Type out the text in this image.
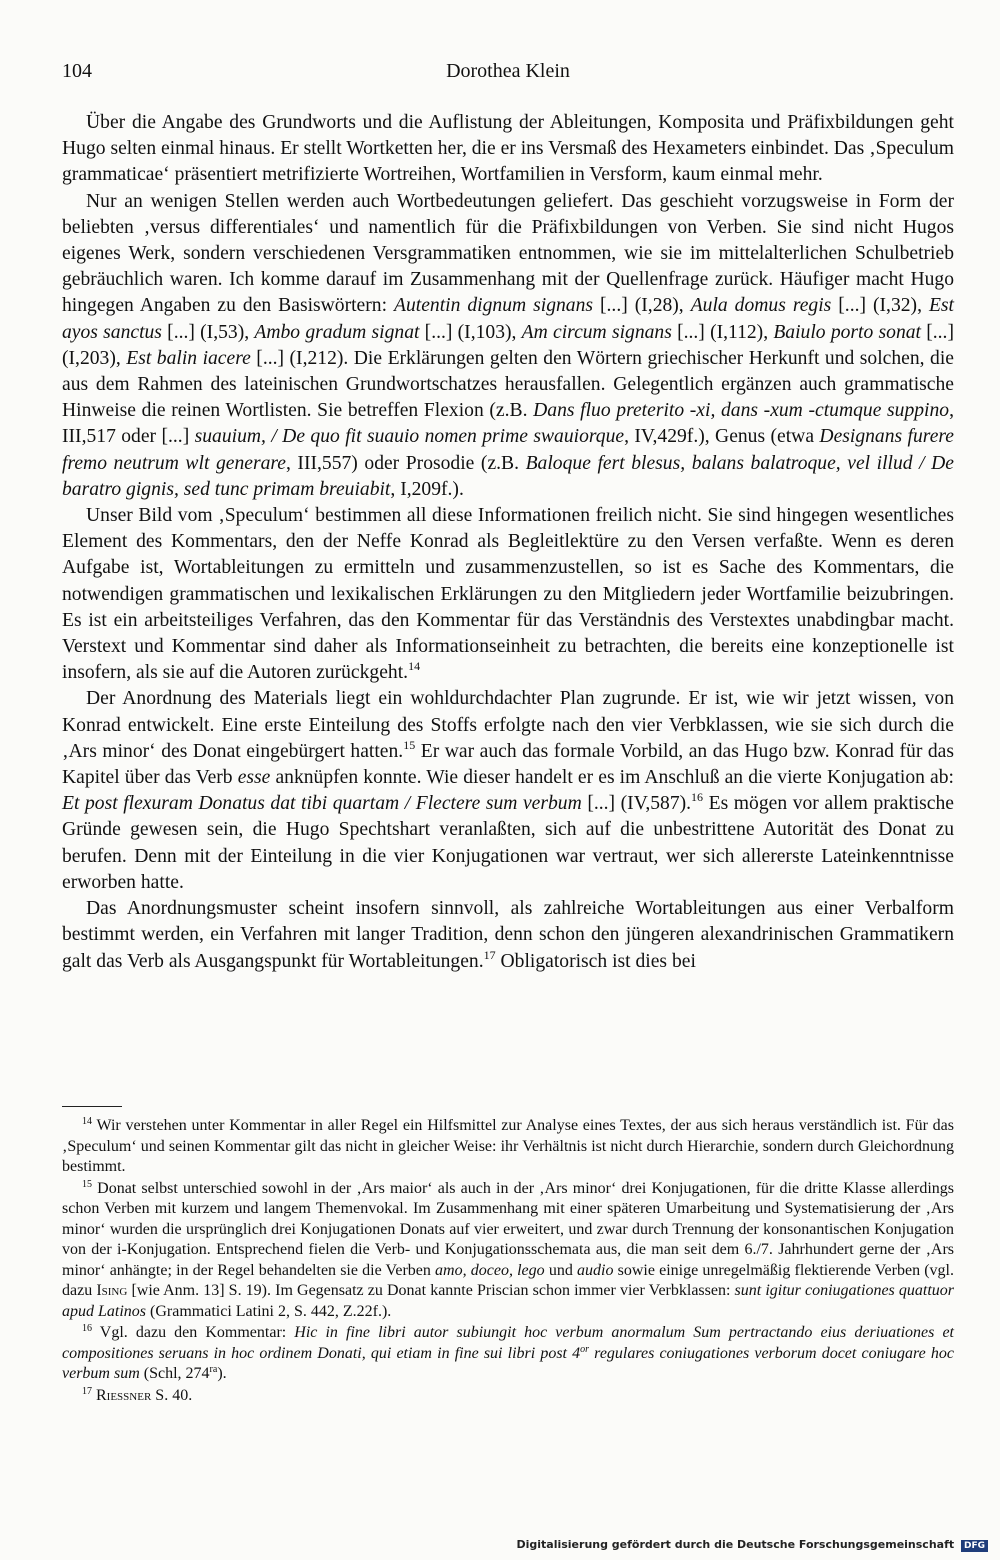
104	Dorothea Klein

Über die Angabe des Grundworts und die Auflistung der Ableitungen, Komposita und Präfixbildungen geht Hugo selten einmal hinaus. Er stellt Wortketten her, die er ins Versmaß des Hexameters einbindet. Das ‚Speculum grammaticae‘ präsentiert metrifizierte Wortreihen, Wortfamilien in Versform, kaum einmal mehr.

Nur an wenigen Stellen werden auch Wortbedeutungen geliefert. Das geschieht vorzugsweise in Form der beliebten ‚versus differentiales‘ und namentlich für die Präfixbildungen von Verben. Sie sind nicht Hugos eigenes Werk, sondern verschiedenen Versgrammatiken entnommen, wie sie im mittelalterlichen Schulbetrieb gebräuchlich waren. Ich komme darauf im Zusammenhang mit der Quellenfrage zurück. Häufiger macht Hugo hingegen Angaben zu den Basiswörtern: Autentin dignum signans [...] (I,28), Aula domus regis [...] (I,32), Est ayos sanctus [...] (I,53), Ambo gradum signat [...] (I,103), Am circum signans [...] (I,112), Baiulo porto sonat [...] (I,203), Est balin iacere [...] (I,212). Die Erklärungen gelten den Wörtern griechischer Herkunft und solchen, die aus dem Rahmen des lateinischen Grundwortschatzes herausfallen. Gelegentlich ergänzen auch grammatische Hinweise die reinen Wortlisten. Sie betreffen Flexion (z.B. Dans fluo preterito -xi, dans -xum -ctumque suppino, III,517 oder [...] suauium, / De quo fit suauio nomen prime swauiorque, IV,429f.), Genus (etwa Designans furere fremo neutrum wlt generare, III,557) oder Prosodie (z.B. Baloque fert blesus, balans balatroque, vel illud / De baratro gignis, sed tunc primam breuiabit, I,209f.).

Unser Bild vom ‚Speculum‘ bestimmen all diese Informationen freilich nicht. Sie sind hingegen wesentliches Element des Kommentars, den der Neffe Konrad als Begleitlektüre zu den Versen verfaßte. Wenn es deren Aufgabe ist, Wortableitungen zu ermitteln und zusammenzustellen, so ist es Sache des Kommentars, die notwendigen grammatischen und lexikalischen Erklärungen zu den Mitgliedern jeder Wortfamilie beizubringen. Es ist ein arbeitsteiliges Verfahren, das den Kommentar für das Verständnis des Verstextes unabdingbar macht. Verstext und Kommentar sind daher als Informationseinheit zu betrachten, die bereits eine konzeptionelle ist insofern, als sie auf die Autoren zurückgeht.$^{14}$

Der Anordnung des Materials liegt ein wohldurchdachter Plan zugrunde. Er ist, wie wir jetzt wissen, von Konrad entwickelt. Eine erste Einteilung des Stoffs erfolgte nach den vier Verbklassen, wie sie sich durch die ‚Ars minor‘ des Donat eingebürgert hatten.$^{15}$ Er war auch das formale Vorbild, an das Hugo bzw. Konrad für das Kapitel über das Verb esse anknüpfen konnte. Wie dieser handelt er es im Anschluß an die vierte Konjugation ab: Et post flexuram Donatus dat tibi quartam / Flectere sum verbum [...] (IV,587).$^{16}$ Es mögen vor allem praktische Gründe gewesen sein, die Hugo Spechtshart veranlaßten, sich auf die unbestrittene Autorität des Donat zu berufen. Denn mit der Einteilung in die vier Konjugationen war vertraut, wer sich allererste Lateinkenntnisse erworben hatte.

Das Anordnungsmuster scheint insofern sinnvoll, als zahlreiche Wortableitungen aus einer Verbalform bestimmt werden, ein Verfahren mit langer Tradition, denn schon den jüngeren alexandrinischen Grammatikern galt das Verb als Ausgangspunkt für Wortableitungen.$^{17}$ Obligatorisch ist dies bei

$^{14}$ Wir verstehen unter Kommentar in aller Regel ein Hilfsmittel zur Analyse eines Textes, der aus sich heraus verständlich ist. Für das ‚Speculum‘ und seinen Kommentar gilt das nicht in gleicher Weise: ihr Verhältnis ist nicht durch Hierarchie, sondern durch Gleichordnung bestimmt.

$^{15}$ Donat selbst unterschied sowohl in der ‚Ars maior‘ als auch in der ‚Ars minor‘ drei Konjugationen, für die dritte Klasse allerdings schon Verben mit kurzem und langem Themenvokal. Im Zusammenhang mit einer späteren Umarbeitung und Systematisierung der ‚Ars minor‘ wurden die ursprünglich drei Konjugationen Donats auf vier erweitert, und zwar durch Trennung der konsonantischen Konjugation von der i-Konjugation. Entsprechend fielen die Verb- und Konjugationsschemata aus, die man seit dem 6./7. Jahrhundert gerne der ‚Ars minor‘ anhängte; in der Regel behandelten sie die Verben amo, doceo, lego und audio sowie einige unregelmäßig flektierende Verben (vgl. dazu Ising [wie Anm. 13] S. 19). Im Gegensatz zu Donat kannte Priscian schon immer vier Verbklassen: sunt igitur coniugationes quattuor apud Latinos (Grammatici Latini 2, S. 442, Z.22f.).

$^{16}$ Vgl. dazu den Kommentar: Hic in fine libri autor subiungit hoc verbum anormalum Sum pertractando eius deriuationes et compositiones seruans in hoc ordinem Donati, qui etiam in fine sui libri post $4^{or}$ regulares coniugationes verborum docet coniugare hoc verbum sum (Schl, $274^{ra}$).

$^{17}$ Riessner S. 40.

Digitalisierung gefördert durch die Deutsche Forschungsgemeinschaft DFG
